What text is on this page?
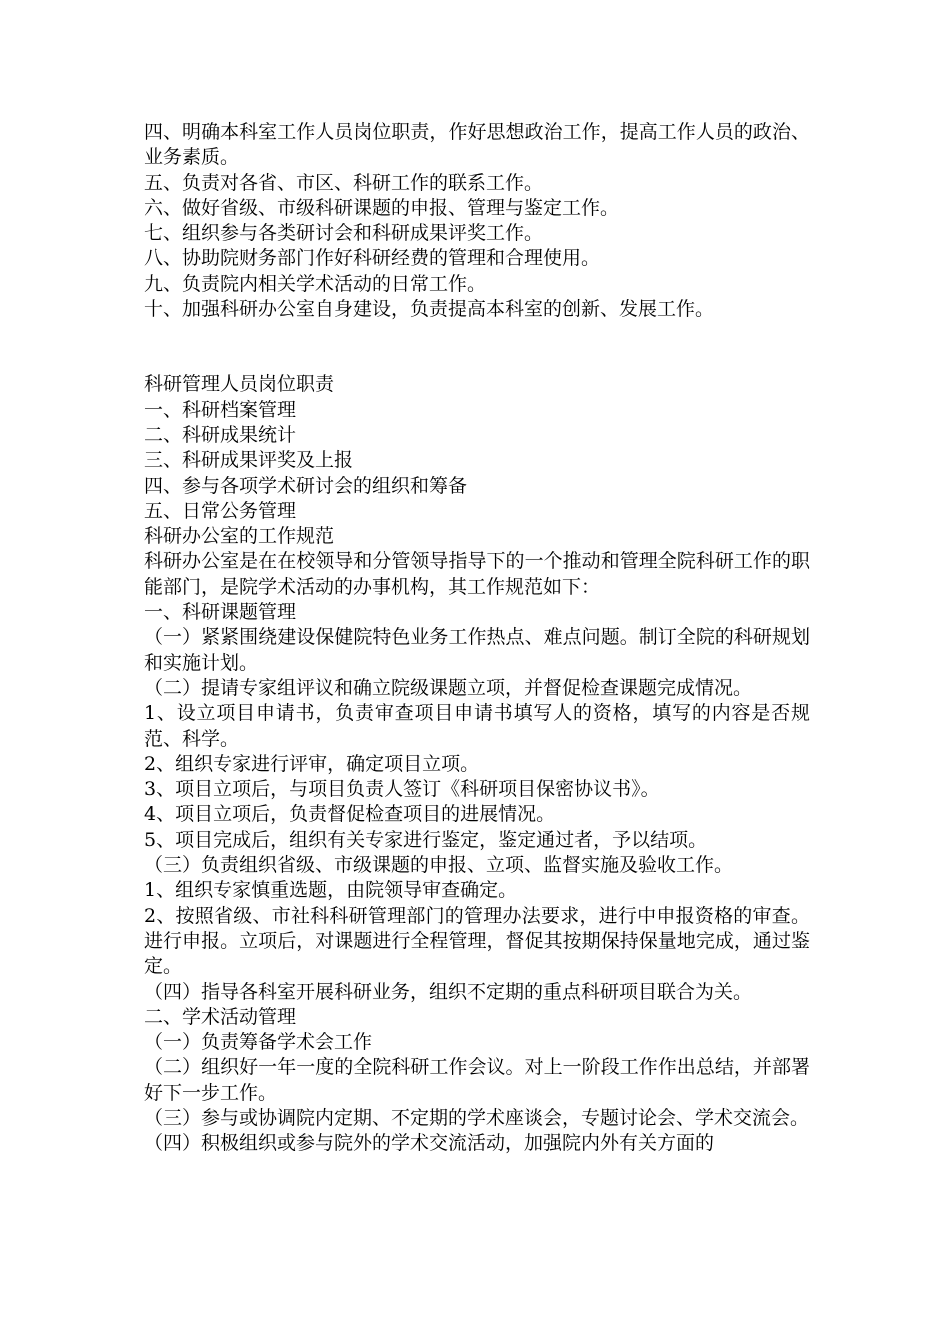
四、明确本科室工作人员岗位职责，作好思想政治工作，提高工作人员的政治、业务素质。

五、负责对各省、市区、科研工作的联系工作。

六、做好省级、市级科研课题的申报、管理与鉴定工作。

七、组织参与各类研讨会和科研成果评奖工作。

八、协助院财务部门作好科研经费的管理和合理使用。

九、负责院内相关学术活动的日常工作。

十、加强科研办公室自身建设，负责提高本科室的创新、发展工作。

科研管理人员岗位职责

一、科研档案管理

二、科研成果统计

三、科研成果评奖及上报

四、参与各项学术研讨会的组织和筹备

五、日常公务管理

科研办公室的工作规范

科研办公室是在在校领导和分管领导指导下的一个推动和管理全院科研工作的职能部门，是院学术活动的办事机构，其工作规范如下：

一、科研课题管理

（一）紧紧围绕建设保健院特色业务工作热点、难点问题。制订全院的科研规划和实施计划。

（二）提请专家组评议和确立院级课题立项，并督促检查课题完成情况。

1、设立项目申请书，负责审查项目申请书填写人的资格，填写的内容是否规范、科学。

2、组织专家进行评审，确定项目立项。

3、项目立项后，与项目负责人签订《科研项目保密协议书》。

4、项目立项后，负责督促检查项目的进展情况。

5、项目完成后，组织有关专家进行鉴定，鉴定通过者，予以结项。

（三）负责组织省级、市级课题的申报、立项、监督实施及验收工作。

1、组织专家慎重选题，由院领导审查确定。

2、按照省级、市社科科研管理部门的管理办法要求，进行中申报资格的审查。进行申报。立项后，对课题进行全程管理，督促其按期保持保量地完成，通过鉴定。

（四）指导各科室开展科研业务，组织不定期的重点科研项目联合为关。

二、学术活动管理

（一）负责筹备学术会工作

（二）组织好一年一度的全院科研工作会议。对上一阶段工作作出总结，并部署好下一步工作。

（三）参与或协调院内定期、不定期的学术座谈会，专题讨论会、学术交流会。

（四）积极组织或参与院外的学术交流活动，加强院内外有关方面的
